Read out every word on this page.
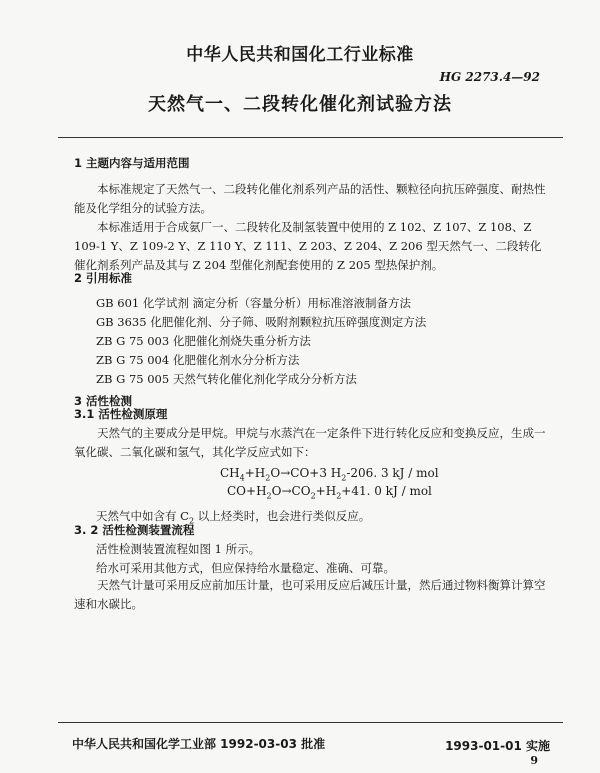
中华人民共和国化工行业标准
HG 2273.4—92
天然气一、二段转化催化剂试验方法
1 主题内容与适用范围
本标准规定了天然气一、二段转化催化剂系列产品的活性、颗粒径向抗压碎强度、耐热性能及化学组分的试验方法。
本标准适用于合成氨厂一、二段转化及制氢装置中使用的 Z 102、Z 107、Z 108、Z 109-1 Y、Z 109-2 Y、Z 110 Y、Z 111、Z 203、Z 204、Z 206 型天然气一、二段转化催化剂系列产品及其与 Z 204 型催化剂配套使用的 Z 205 型热保护剂。
2 引用标准
GB 601 化学试剂 滴定分析（容量分析）用标准溶液制备方法
GB 3635 化肥催化剂、分子筛、吸附剂颗粒抗压碎强度测定方法
ZB G 75 003 化肥催化剂烧失重分析方法
ZB G 75 004 化肥催化剂水分分析方法
ZB G 75 005 天然气转化催化剂化学成分分析方法
3 活性检测
3.1 活性检测原理
天然气的主要成分是甲烷。甲烷与水蒸汽在一定条件下进行转化反应和变换反应，生成一氧化碳、二氧化碳和氢气，其化学反应式如下：
$CH_4+H_2O\to CO+3$ $H_2-206$. 3 kJ / mol
$CO+H_2O\to CO_2+H_2+41$. 0 kJ / mol
天然气中如含有 $C_2$ 以上烃类时，也会进行类似反应。
3. 2 活性检测装置流程
活性检测装置流程如图 1 所示。
给水可采用其他方式，但应保持给水量稳定、准确、可靠。
天然气计量可采用反应前加压计量，也可采用反应后减压计量，然后通过物料衡算计算空速和水碳比。
中华人民共和国化学工业部 1992-03-03 批准	1993-01-01 实施
9
